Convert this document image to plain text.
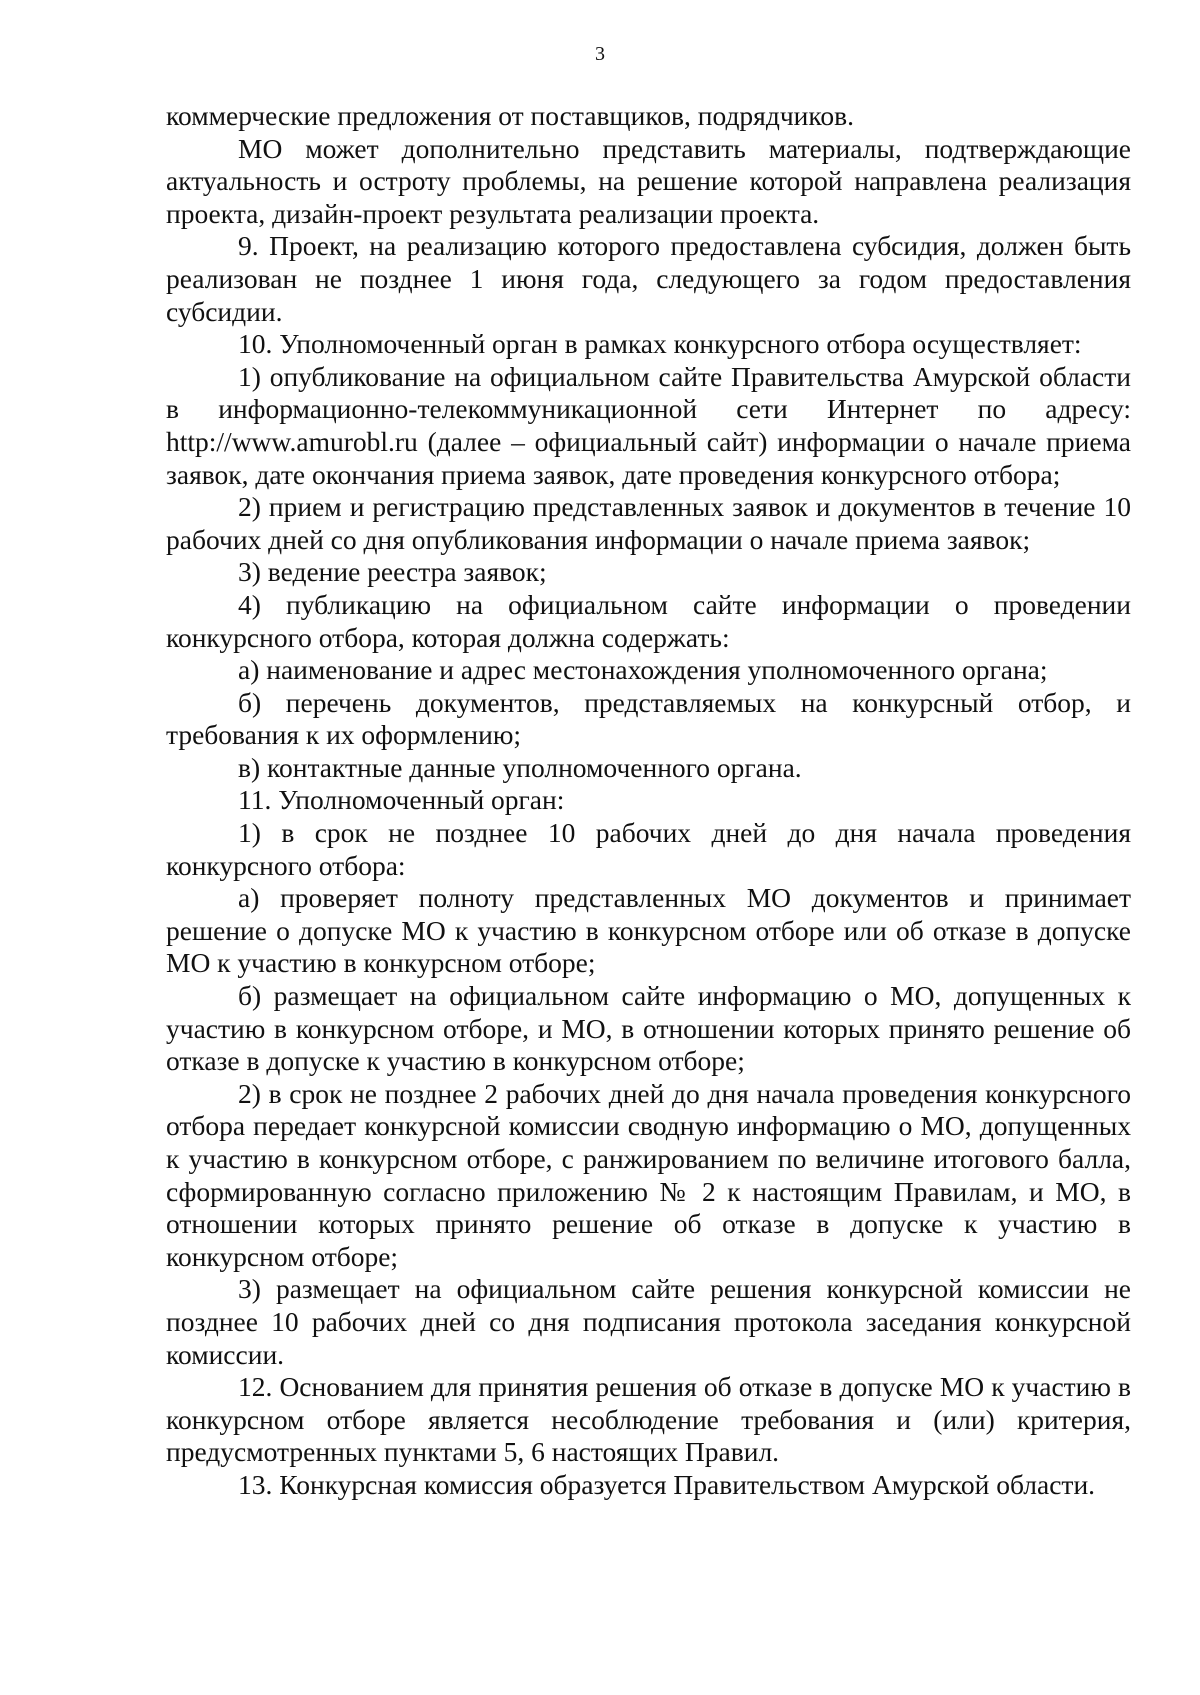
3

коммерческие предложения от поставщиков, подрядчиков.

МО может дополнительно представить материалы, подтверждающие актуальность и остроту проблемы, на решение которой направлена реализация проекта, дизайн-проект результата реализации проекта.

9. Проект, на реализацию которого предоставлена субсидия, должен быть реализован не позднее 1 июня года, следующего за годом предоставления субсидии.

10. Уполномоченный орган в рамках конкурсного отбора осуществляет:

1) опубликование на официальном сайте Правительства Амурской области в информационно-телекоммуникационной сети Интернет по адресу: http://www.amurobl.ru (далее – официальный сайт) информации о начале приема заявок, дате окончания приема заявок, дате проведения конкурсного отбора;

2) прием и регистрацию представленных заявок и документов в течение 10 рабочих дней со дня опубликования информации о начале приема заявок;

3) ведение реестра заявок;

4) публикацию на официальном сайте информации о проведении конкурсного отбора, которая должна содержать:

а) наименование и адрес местонахождения уполномоченного органа;

б) перечень документов, представляемых на конкурсный отбор, и требования к их оформлению;

в) контактные данные уполномоченного органа.

11. Уполномоченный орган:

1) в срок не позднее 10 рабочих дней до дня начала проведения конкурсного отбора:

а) проверяет полноту представленных МО документов и принимает решение о допуске МО к участию в конкурсном отборе или об отказе в допуске МО к участию в конкурсном отборе;

б) размещает на официальном сайте информацию о МО, допущенных к участию в конкурсном отборе, и МО, в отношении которых принято решение об отказе в допуске к участию в конкурсном отборе;

2) в срок не позднее 2 рабочих дней до дня начала проведения конкурсного отбора передает конкурсной комиссии сводную информацию о МО, допущенных к участию в конкурсном отборе, с ранжированием по величине итогового балла, сформированную согласно приложению № 2 к настоящим Правилам, и МО, в отношении которых принято решение об отказе в допуске к участию в конкурсном отборе;

3) размещает на официальном сайте решения конкурсной комиссии не позднее 10 рабочих дней со дня подписания протокола заседания конкурсной комиссии.

12. Основанием для принятия решения об отказе в допуске МО к участию в конкурсном отборе является несоблюдение требования и (или) критерия, предусмотренных пунктами 5, 6 настоящих Правил.

13. Конкурсная комиссия образуется Правительством Амурской области.
